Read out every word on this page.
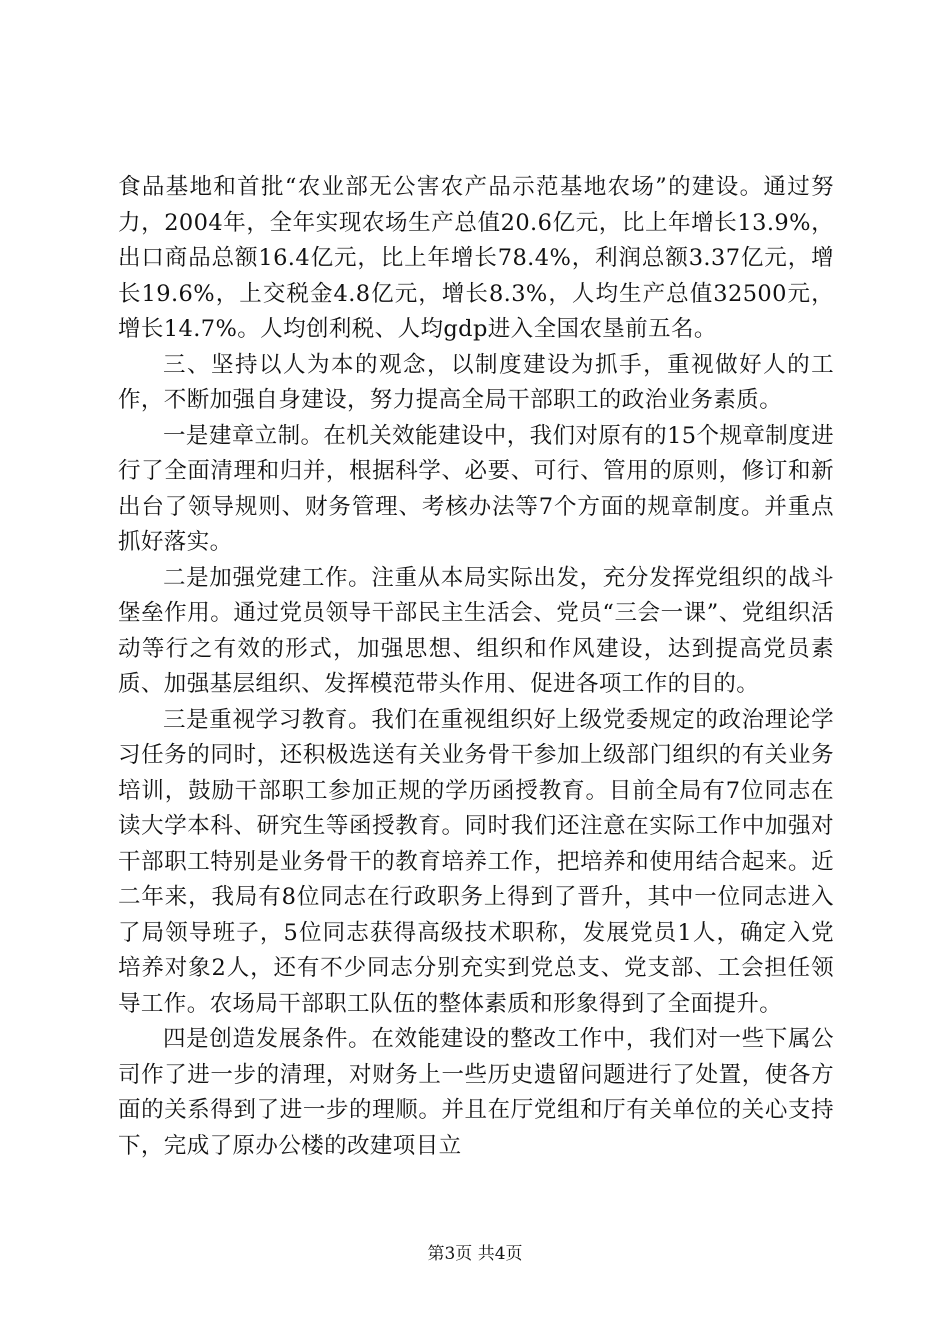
食品基地和首批“农业部无公害农产品示范基地农场”的建设。通过努力，2004年，全年实现农场生产总值20.6亿元，比上年增长13.9%，出口商品总额16.4亿元，比上年增长78.4%，利润总额3.37亿元，增长19.6%，上交税金4.8亿元，增长8.3%，人均生产总值32500元，增长14.7%。人均创利税、人均gdp进入全国农垦前五名。

三、坚持以人为本的观念，以制度建设为抓手，重视做好人的工作，不断加强自身建设，努力提高全局干部职工的政治业务素质。

一是建章立制。在机关效能建设中，我们对原有的15个规章制度进行了全面清理和归并，根据科学、必要、可行、管用的原则，修订和新出台了领导规则、财务管理、考核办法等7个方面的规章制度。并重点抓好落实。

二是加强党建工作。注重从本局实际出发，充分发挥党组织的战斗堡垒作用。通过党员领导干部民主生活会、党员“三会一课”、党组织活动等行之有效的形式，加强思想、组织和作风建设，达到提高党员素质、加强基层组织、发挥模范带头作用、促进各项工作的目的。

三是重视学习教育。我们在重视组织好上级党委规定的政治理论学习任务的同时，还积极选送有关业务骨干参加上级部门组织的有关业务培训，鼓励干部职工参加正规的学历函授教育。目前全局有7位同志在读大学本科、研究生等函授教育。同时我们还注意在实际工作中加强对干部职工特别是业务骨干的教育培养工作，把培养和使用结合起来。近二年来，我局有8位同志在行政职务上得到了晋升，其中一位同志进入了局领导班子，5位同志获得高级技术职称，发展党员1人，确定入党培养对象2人，还有不少同志分别充实到党总支、党支部、工会担任领导工作。农场局干部职工队伍的整体素质和形象得到了全面提升。

四是创造发展条件。在效能建设的整改工作中，我们对一些下属公司作了进一步的清理，对财务上一些历史遗留问题进行了处置，使各方面的关系得到了进一步的理顺。并且在厅党组和厅有关单位的关心支持下，完成了原办公楼的改建项目立

第3页 共4页
